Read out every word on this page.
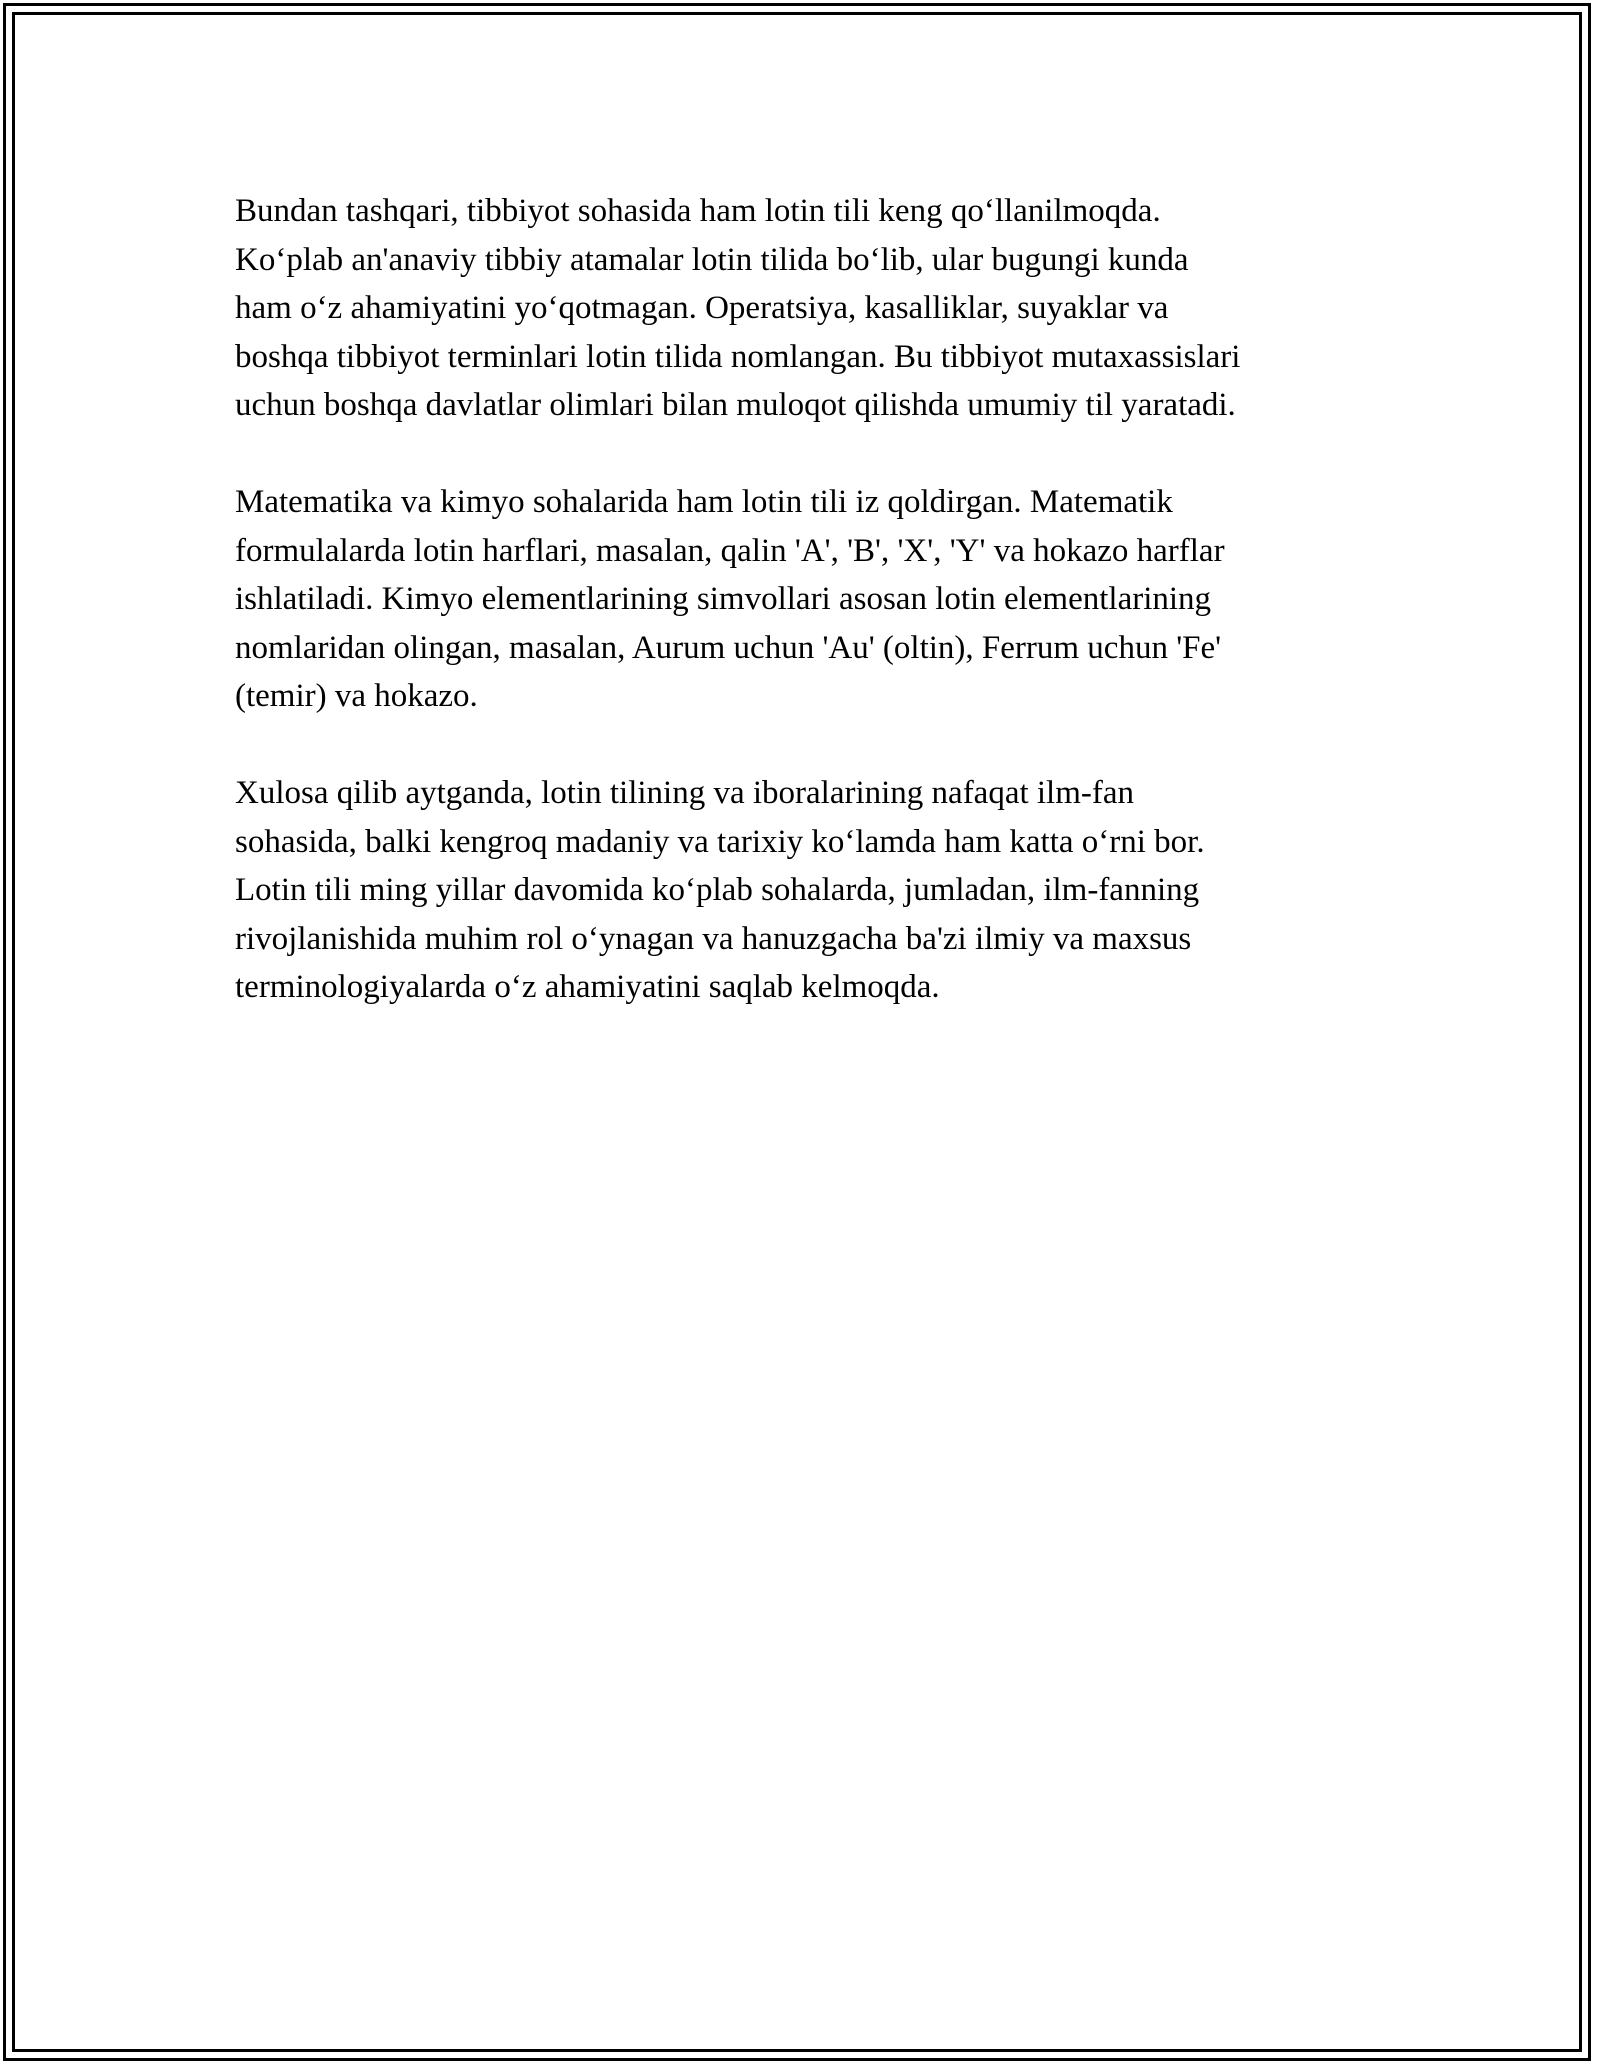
Bundan tashqari, tibbiyot sohasida ham lotin tili keng qo‘llanilmoqda.
Ko‘plab an'anaviy tibbiy atamalar lotin tilida bo‘lib, ular bugungi kunda
ham o‘z ahamiyatini yo‘qotmagan. Operatsiya, kasalliklar, suyaklar va
boshqa tibbiyot terminlari lotin tilida nomlangan. Bu tibbiyot mutaxassislari
uchun boshqa davlatlar olimlari bilan muloqot qilishda umumiy til yaratadi.

Matematika va kimyo sohalarida ham lotin tili iz qoldirgan. Matematik
formulalarda lotin harflari, masalan, qalin 'A', 'B', 'X', 'Y' va hokazo harflar
ishlatiladi. Kimyo elementlarining simvollari asosan lotin elementlarining
nomlaridan olingan, masalan, Aurum uchun 'Au' (oltin), Ferrum uchun 'Fe'
(temir) va hokazo.

Xulosa qilib aytganda, lotin tilining va iboralarining nafaqat ilm-fan
sohasida, balki kengroq madaniy va tarixiy ko‘lamda ham katta o‘rni bor.
Lotin tili ming yillar davomida ko‘plab sohalarda, jumladan, ilm-fanning
rivojlanishida muhim rol o‘ynagan va hanuzgacha ba'zi ilmiy va maxsus
terminologiyalarda o‘z ahamiyatini saqlab kelmoqda.
